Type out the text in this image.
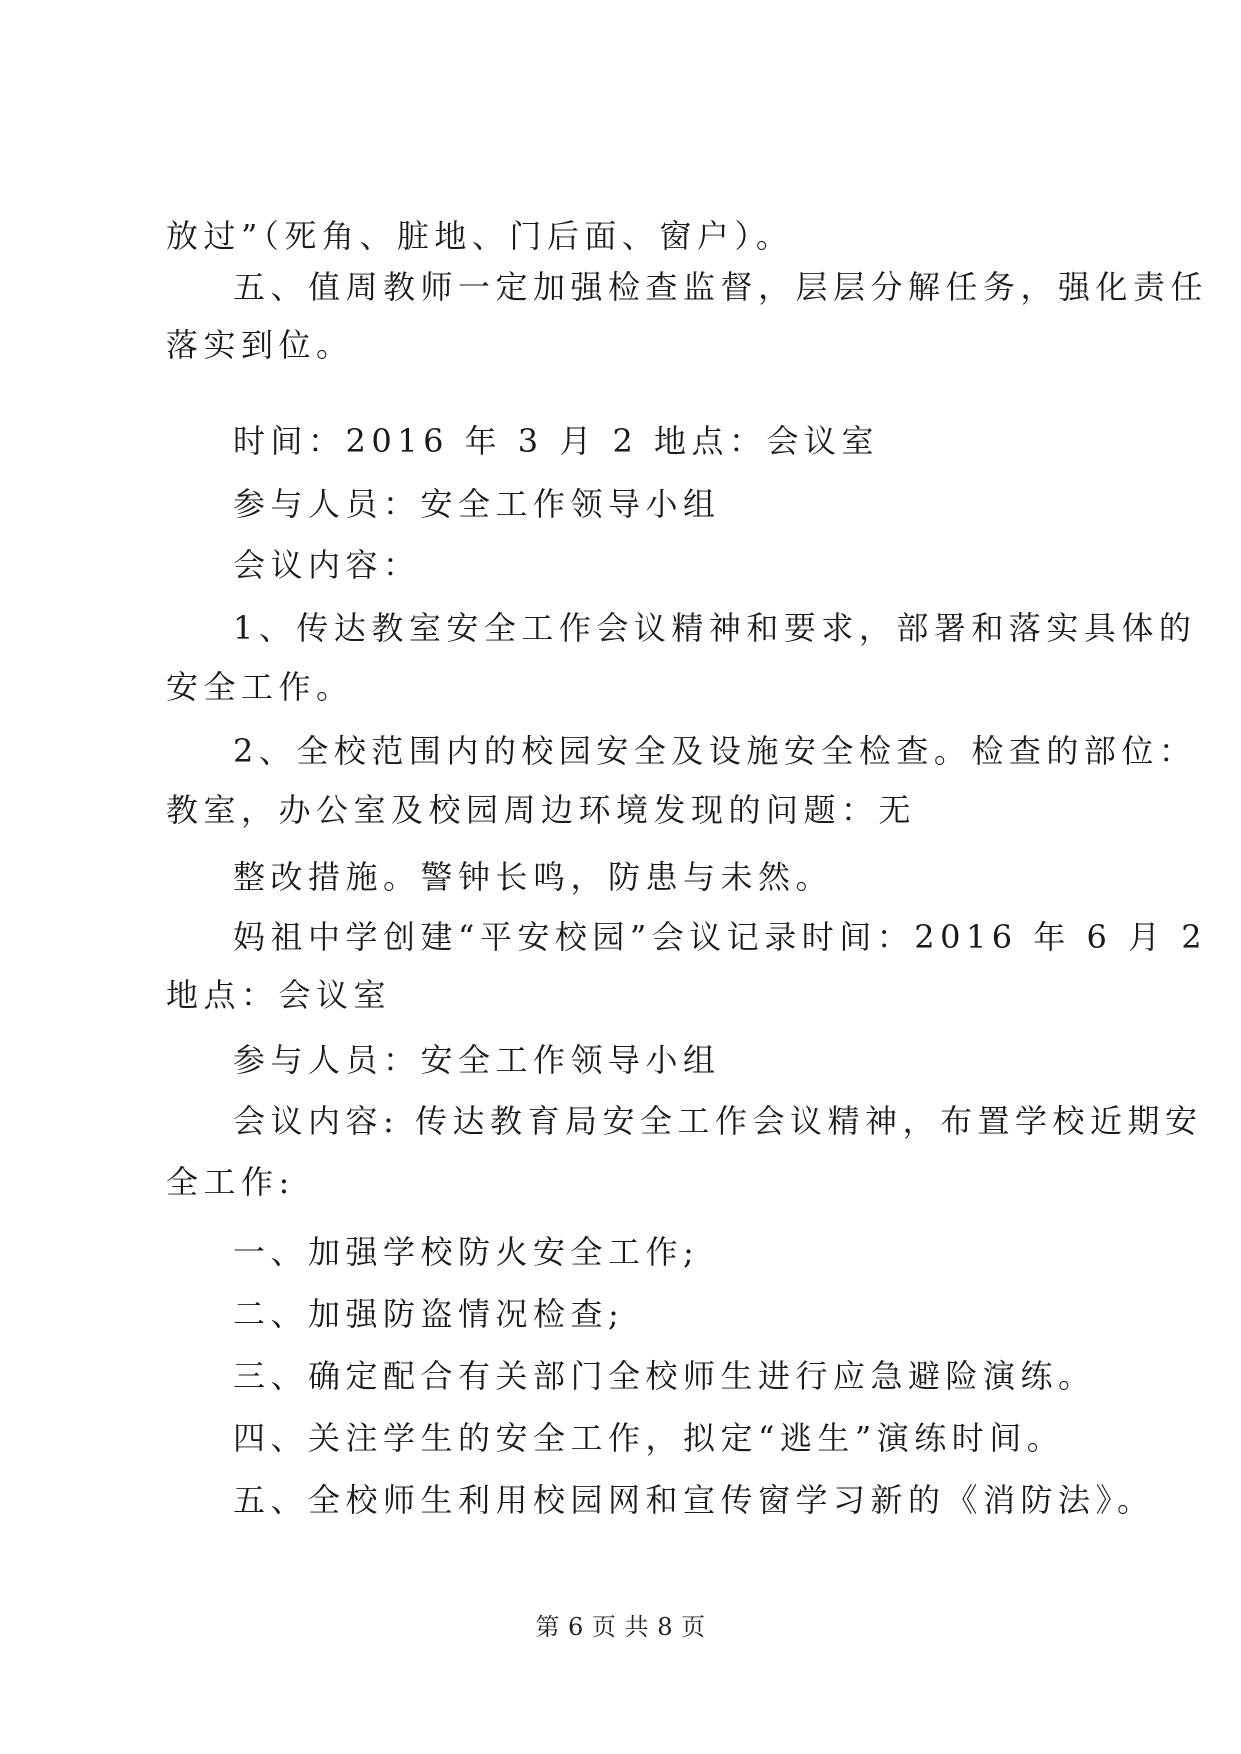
放过”（死角、脏地、门后面、窗户）。

五、值周教师一定加强检查监督，层层分解任务，强化责任

落实到位。

时间：2016 年 3 月 2 地点：会议室

参与人员：安全工作领导小组

会议内容：

1、传达教室安全工作会议精神和要求，部署和落实具体的

安全工作。

2、全校范围内的校园安全及设施安全检查。检查的部位：

教室，办公室及校园周边环境发现的问题：无

整改措施。警钟长鸣，防患与未然。

妈祖中学创建“平安校园”会议记录时间：2016 年 6 月 2

地点：会议室

参与人员：安全工作领导小组

会议内容: 传达教育局安全工作会议精神，布置学校近期安

全工作:

一、加强学校防火安全工作;

二、加强防盗情况检查;

三、确定配合有关部门全校师生进行应急避险演练。

四、关注学生的安全工作，拟定“逃生”演练时间。

五、全校师生利用校园网和宣传窗学习新的《消防法》。

第 6 页 共 8 页
